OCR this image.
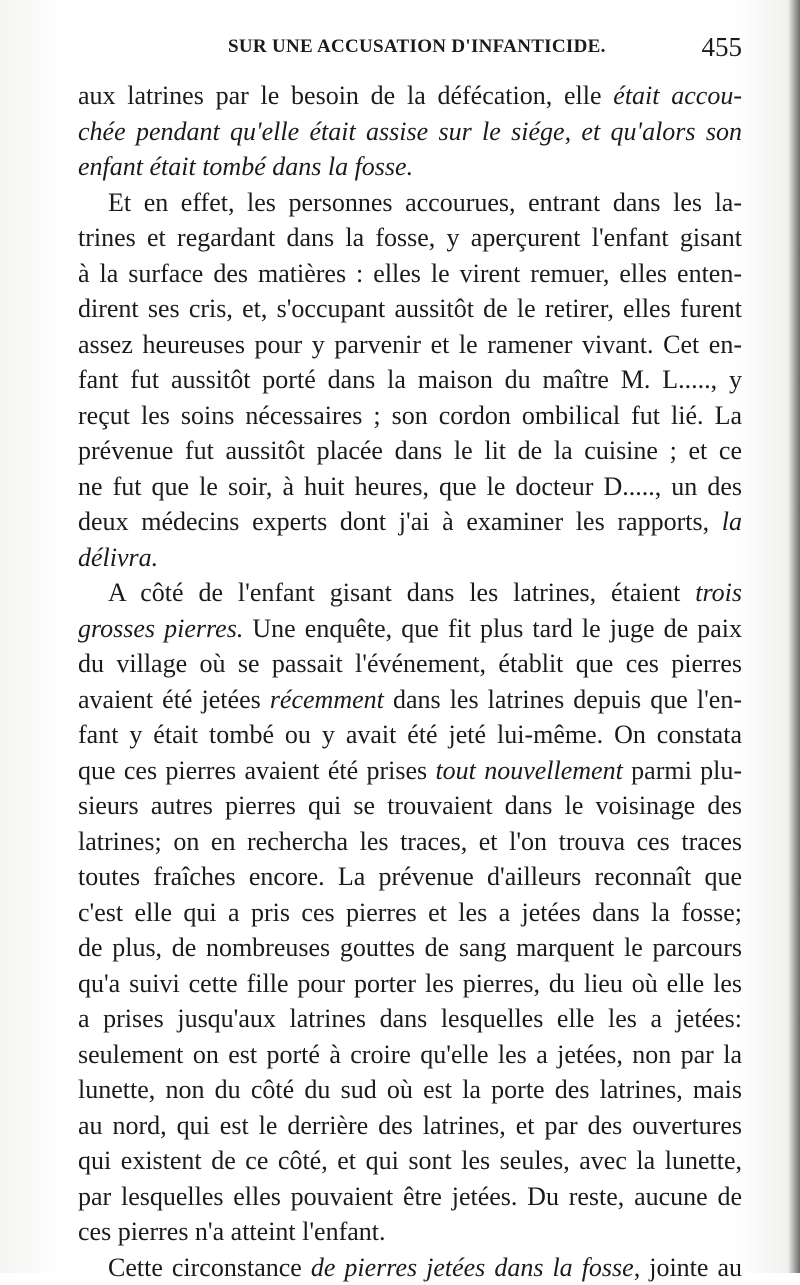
SUR UNE ACCUSATION D'INFANTICIDE.	455
aux latrines par le besoin de la défécation, elle était accou-
chée pendant qu'elle était assise sur le siége, et qu'alors son
enfant était tombé dans la fosse.
Et en effet, les personnes accourues, entrant dans les la-
trines et regardant dans la fosse, y aperçurent l'enfant gisant
à la surface des matières : elles le virent remuer, elles enten-
dirent ses cris, et, s'occupant aussitôt de le retirer, elles furent
assez heureuses pour y parvenir et le ramener vivant. Cet en-
fant fut aussitôt porté dans la maison du maître M. L....., y
reçut les soins nécessaires ; son cordon ombilical fut lié. La
prévenue fut aussitôt placée dans le lit de la cuisine ; et ce
ne fut que le soir, à huit heures, que le docteur D....., un des
deux médecins experts dont j'ai à examiner les rapports, la
délivra.
A côté de l'enfant gisant dans les latrines, étaient trois
grosses pierres. Une enquête, que fit plus tard le juge de paix
du village où se passait l'événement, établit que ces pierres
avaient été jetées récemment dans les latrines depuis que l'en-
fant y était tombé ou y avait été jeté lui-même. On constata
que ces pierres avaient été prises tout nouvellement parmi plu-
sieurs autres pierres qui se trouvaient dans le voisinage des
latrines; on en rechercha les traces, et l'on trouva ces traces
toutes fraîches encore. La prévenue d'ailleurs reconnaît que
c'est elle qui a pris ces pierres et les a jetées dans la fosse;
de plus, de nombreuses gouttes de sang marquent le parcours
qu'a suivi cette fille pour porter les pierres, du lieu où elle les
a prises jusqu'aux latrines dans lesquelles elle les a jetées:
seulement on est porté à croire qu'elle les a jetées, non par la
lunette, non du côté du sud où est la porte des latrines, mais
au nord, qui est le derrière des latrines, et par des ouvertures
qui existent de ce côté, et qui sont les seules, avec la lunette,
par lesquelles elles pouvaient être jetées. Du reste, aucune de
ces pierres n'a atteint l'enfant.
Cette circonstance de pierres jetées dans la fosse, jointe au
